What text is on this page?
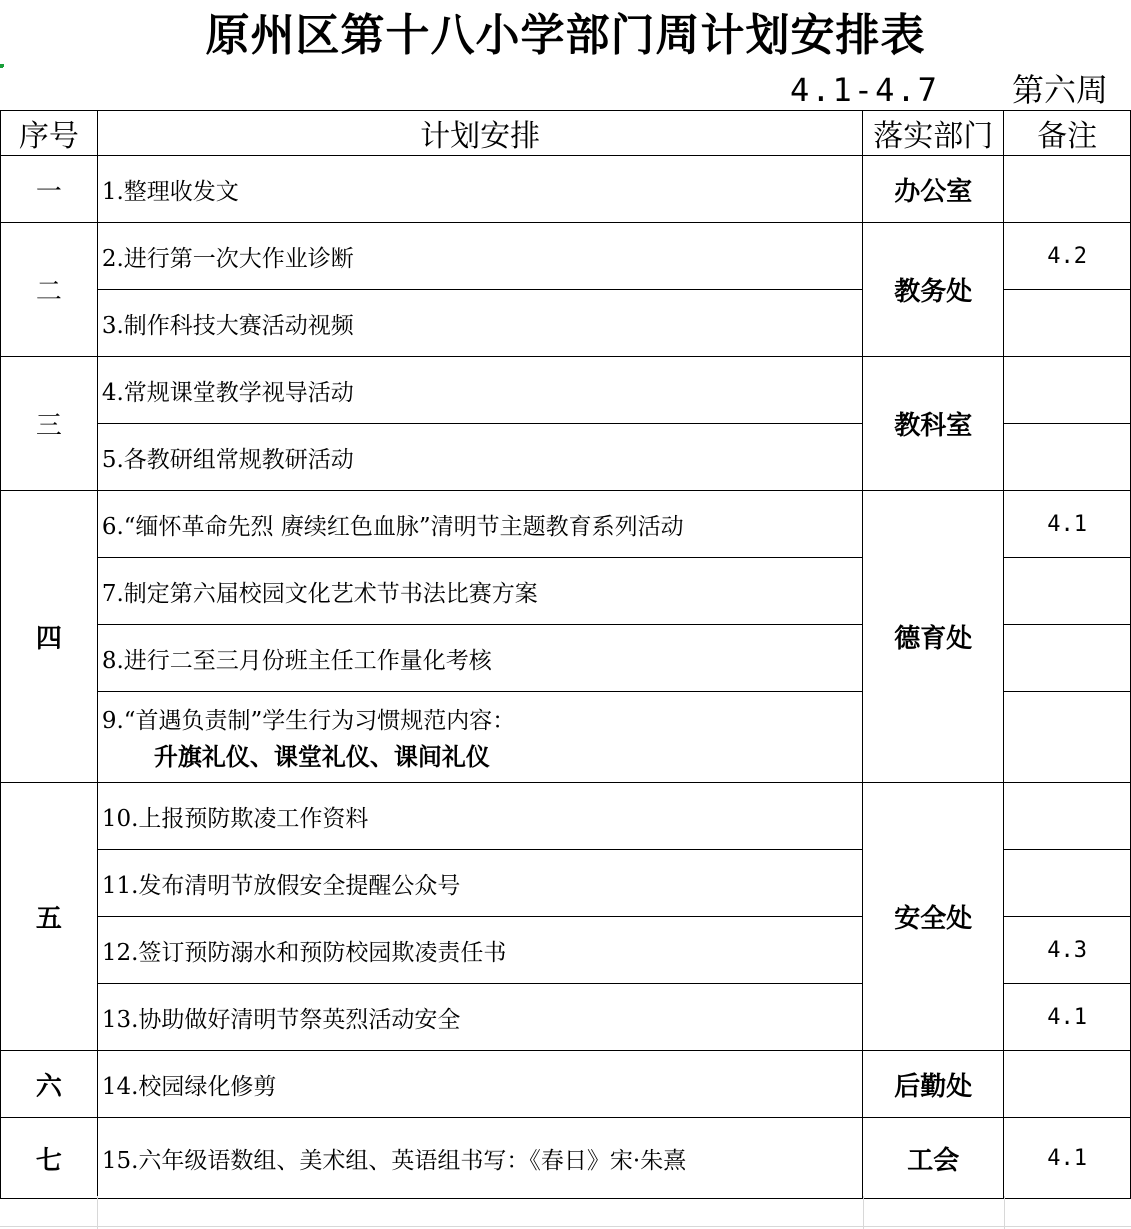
原州区第十八小学部门周计划安排表
4.1-4.7 第六周
序号	计划安排	落实部门	备注
一	1.整理收发文	办公室	
二	2.进行第一次大作业诊断	教务处	4.2
	3.制作科技大赛活动视频		
三	4.常规课堂教学视导活动	教科室	
	5.各教研组常规教研活动		
四	6.“缅怀革命先烈 赓续红色血脉”清明节主题教育系列活动	德育处	4.1
	7.制定第六届校园文化艺术节书法比赛方案		
	8.进行二至三月份班主任工作量化考核		

	9.“首遇负责制”学生行为习惯规范内容：
升旗礼仪、课堂礼仪、课间礼仪		

五	10.上报预防欺凌工作资料	安全处	
	11.发布清明节放假安全提醒公众号		
	12.签订预防溺水和预防校园欺凌责任书		4.3
	13.协助做好清明节祭英烈活动安全		4.1
六	14.校园绿化修剪	后勤处	
七	15.六年级语数组、美术组、英语组书写：《春日》宋·朱熹	工会	4.1
